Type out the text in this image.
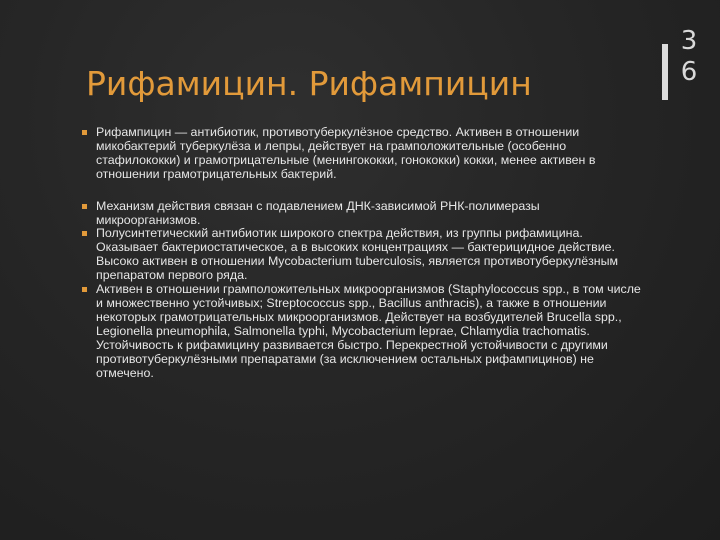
Рифамицин. Рифампицин
3
6
Рифампицин — антибиотик, противотуберкулёзное средство. Активен в отношении микобактерий туберкулёза и лепры, действует на грамположительные (особенно стафилококки) и грамотрицательные (менингококки, гонококки) кокки, менее активен в отношении грамотрицательных бактерий.
Механизм действия связан с подавлением ДНК-зависимой РНК-полимеразы микроорганизмов.
Полусинтетический антибиотик широкого спектра действия, из группы рифамицина. Оказывает бактериостатическое, а в высоких концентрациях — бактерицидное действие. Высоко активен в отношении Mycobacterium tuberculosis, является противотуберкулёзным препаратом первого ряда.
Активен в отношении грамположительных микроорганизмов (Staphylococcus spp., в том числе и множественно устойчивых; Streptococcus spp., Bacillus anthracis), а также в отношении некоторых грамотрицательных микроорганизмов. Действует на возбудителей Brucella spp., Legionella pneumophila, Salmonella typhi, Mycobacterium leprae, Chlamydia trachomatis. Устойчивость к рифамицину развивается быстро. Перекрестной устойчивости с другими противотуберкулёзными препаратами (за исключением остальных рифампицинов) не отмечено.
